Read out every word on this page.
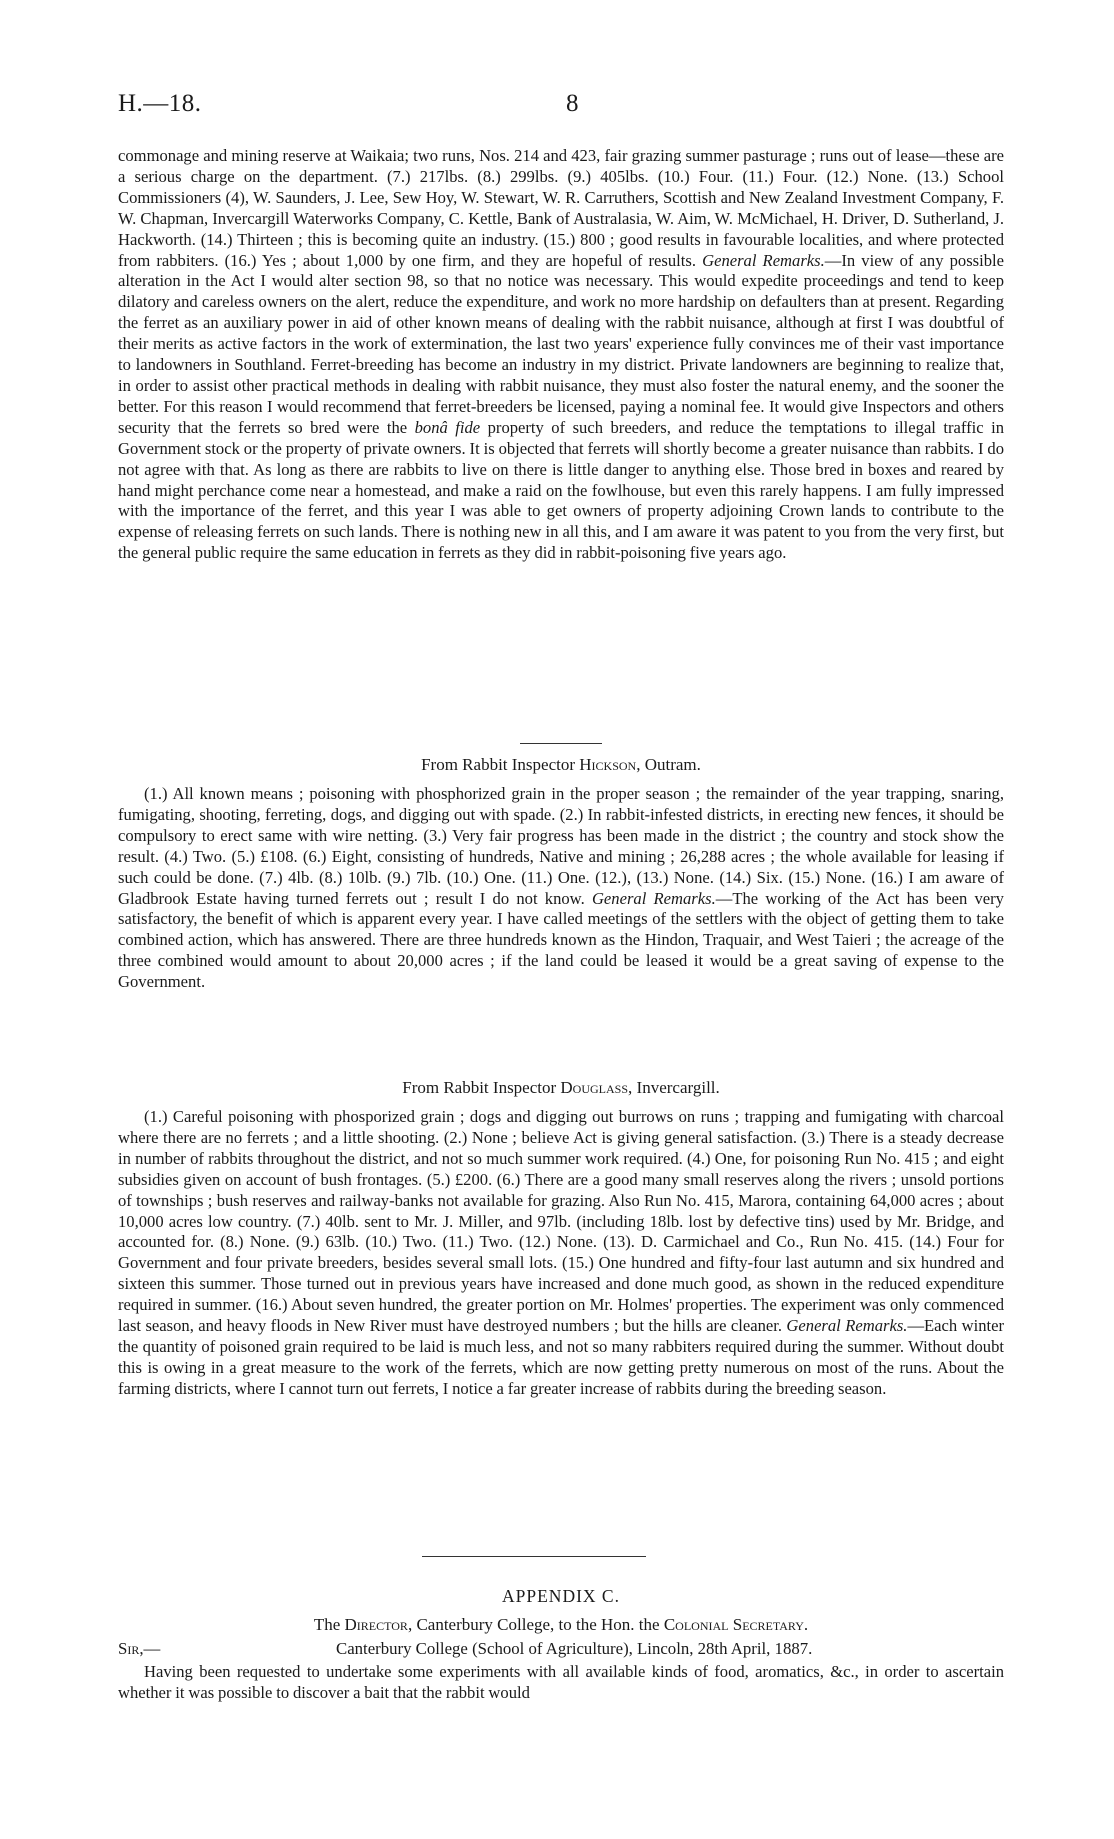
H.—18.	8

commonage and mining reserve at Waikaia; two runs, Nos. 214 and 423, fair grazing summer pasturage ; runs out of lease—these are a serious charge on the department. (7.) 217lbs. (8.) 299lbs. (9.) 405lbs. (10.) Four. (11.) Four. (12.) None. (13.) School Commissioners (4), W. Saunders, J. Lee, Sew Hoy, W. Stewart, W. R. Carruthers, Scottish and New Zealand Investment Company, F. W. Chapman, Invercargill Waterworks Company, C. Kettle, Bank of Australasia, W. Aim, W. McMichael, H. Driver, D. Sutherland, J. Hackworth. (14.) Thirteen ; this is becoming quite an industry. (15.) 800 ; good results in favourable localities, and where protected from rabbiters. (16.) Yes ; about 1,000 by one firm, and they are hopeful of results. General Remarks.—In view of any possible alteration in the Act I would alter section 98, so that no notice was necessary. This would expedite proceedings and tend to keep dilatory and careless owners on the alert, reduce the expenditure, and work no more hardship on defaulters than at present. Regarding the ferret as an auxiliary power in aid of other known means of dealing with the rabbit nuisance, although at first I was doubtful of their merits as active factors in the work of extermination, the last two years' experience fully convinces me of their vast importance to landowners in Southland. Ferret-breeding has become an industry in my district. Private landowners are beginning to realize that, in order to assist other practical methods in dealing with rabbit nuisance, they must also foster the natural enemy, and the sooner the better. For this reason I would recommend that ferret-breeders be licensed, paying a nominal fee. It would give Inspectors and others security that the ferrets so bred were the bonâ fide property of such breeders, and reduce the temptations to illegal traffic in Government stock or the property of private owners. It is objected that ferrets will shortly become a greater nuisance than rabbits. I do not agree with that. As long as there are rabbits to live on there is little danger to anything else. Those bred in boxes and reared by hand might perchance come near a homestead, and make a raid on the fowlhouse, but even this rarely happens. I am fully impressed with the importance of the ferret, and this year I was able to get owners of property adjoining Crown lands to contribute to the expense of releasing ferrets on such lands. There is nothing new in all this, and I am aware it was patent to you from the very first, but the general public require the same education in ferrets as they did in rabbit-poisoning five years ago.

From Rabbit Inspector Hickson, Outram.

(1.) All known means ; poisoning with phosphorized grain in the proper season ; the remainder of the year trapping, snaring, fumigating, shooting, ferreting, dogs, and digging out with spade. (2.) In rabbit-infested districts, in erecting new fences, it should be compulsory to erect same with wire netting. (3.) Very fair progress has been made in the district ; the country and stock show the result. (4.) Two. (5.) £108. (6.) Eight, consisting of hundreds, Native and mining ; 26,288 acres ; the whole available for leasing if such could be done. (7.) 4lb. (8.) 10lb. (9.) 7lb. (10.) One. (11.) One. (12.), (13.) None. (14.) Six. (15.) None. (16.) I am aware of Gladbrook Estate having turned ferrets out ; result I do not know. General Remarks.—The working of the Act has been very satisfactory, the benefit of which is apparent every year. I have called meetings of the settlers with the object of getting them to take combined action, which has answered. There are three hundreds known as the Hindon, Traquair, and West Taieri ; the acreage of the three combined would amount to about 20,000 acres ; if the land could be leased it would be a great saving of expense to the Government.

From Rabbit Inspector Douglass, Invercargill.

(1.) Careful poisoning with phosporized grain ; dogs and digging out burrows on runs ; trapping and fumigating with charcoal where there are no ferrets ; and a little shooting. (2.) None ; believe Act is giving general satisfaction. (3.) There is a steady decrease in number of rabbits throughout the district, and not so much summer work required. (4.) One, for poisoning Run No. 415 ; and eight subsidies given on account of bush frontages. (5.) £200. (6.) There are a good many small reserves along the rivers ; unsold portions of townships ; bush reserves and railway-banks not available for grazing. Also Run No. 415, Marora, containing 64,000 acres ; about 10,000 acres low country. (7.) 40lb. sent to Mr. J. Miller, and 97lb. (including 18lb. lost by defective tins) used by Mr. Bridge, and accounted for. (8.) None. (9.) 63lb. (10.) Two. (11.) Two. (12.) None. (13). D. Carmichael and Co., Run No. 415. (14.) Four for Government and four private breeders, besides several small lots. (15.) One hundred and fifty-four last autumn and six hundred and sixteen this summer. Those turned out in previous years have increased and done much good, as shown in the reduced expenditure required in summer. (16.) About seven hundred, the greater portion on Mr. Holmes' properties. The experiment was only commenced last season, and heavy floods in New River must have destroyed numbers ; but the hills are cleaner. General Remarks.—Each winter the quantity of poisoned grain required to be laid is much less, and not so many rabbiters required during the summer. Without doubt this is owing in a great measure to the work of the ferrets, which are now getting pretty numerous on most of the runs. About the farming districts, where I cannot turn out ferrets, I notice a far greater increase of rabbits during the breeding season.

APPENDIX C.
The Director, Canterbury College, to the Hon. the Colonial Secretary.
Sir,—	Canterbury College (School of Agriculture), Lincoln, 28th April, 1887.

Having been requested to undertake some experiments with all available kinds of food, aromatics, &c., in order to ascertain whether it was possible to discover a bait that the rabbit would
